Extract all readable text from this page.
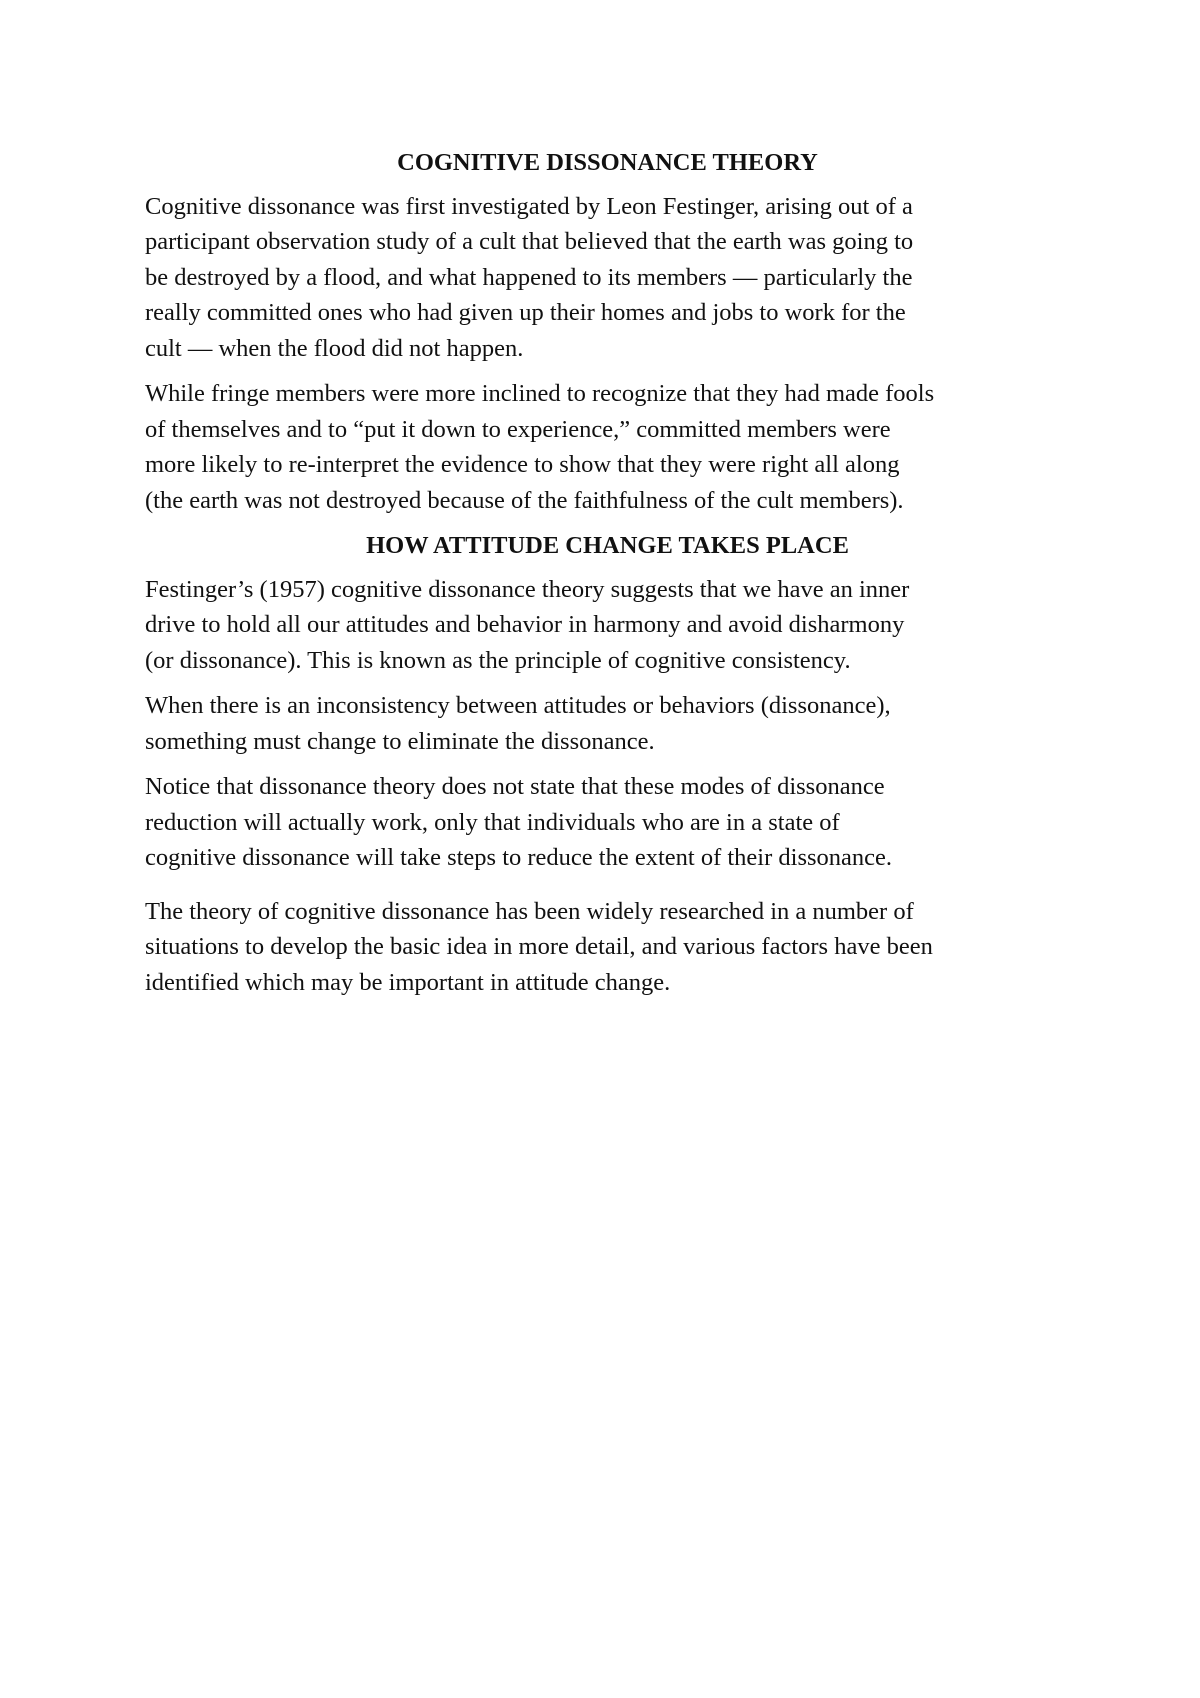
COGNITIVE DISSONANCE THEORY

Cognitive dissonance was first investigated by Leon Festinger, arising out of a
participant observation study of a cult that believed that the earth was going to
be destroyed by a flood, and what happened to its members — particularly the
really committed ones who had given up their homes and jobs to work for the
cult — when the flood did not happen.

While fringe members were more inclined to recognize that they had made fools
of themselves and to “put it down to experience,” committed members were
more likely to re-interpret the evidence to show that they were right all along
(the earth was not destroyed because of the faithfulness of the cult members).

HOW ATTITUDE CHANGE TAKES PLACE

Festinger’s (1957) cognitive dissonance theory suggests that we have an inner
drive to hold all our attitudes and behavior in harmony and avoid disharmony
(or dissonance). This is known as the principle of cognitive consistency.

When there is an inconsistency between attitudes or behaviors (dissonance),
something must change to eliminate the dissonance.

Notice that dissonance theory does not state that these modes of dissonance
reduction will actually work, only that individuals who are in a state of
cognitive dissonance will take steps to reduce the extent of their dissonance.

The theory of cognitive dissonance has been widely researched in a number of
situations to develop the basic idea in more detail, and various factors have been
identified which may be important in attitude change.
